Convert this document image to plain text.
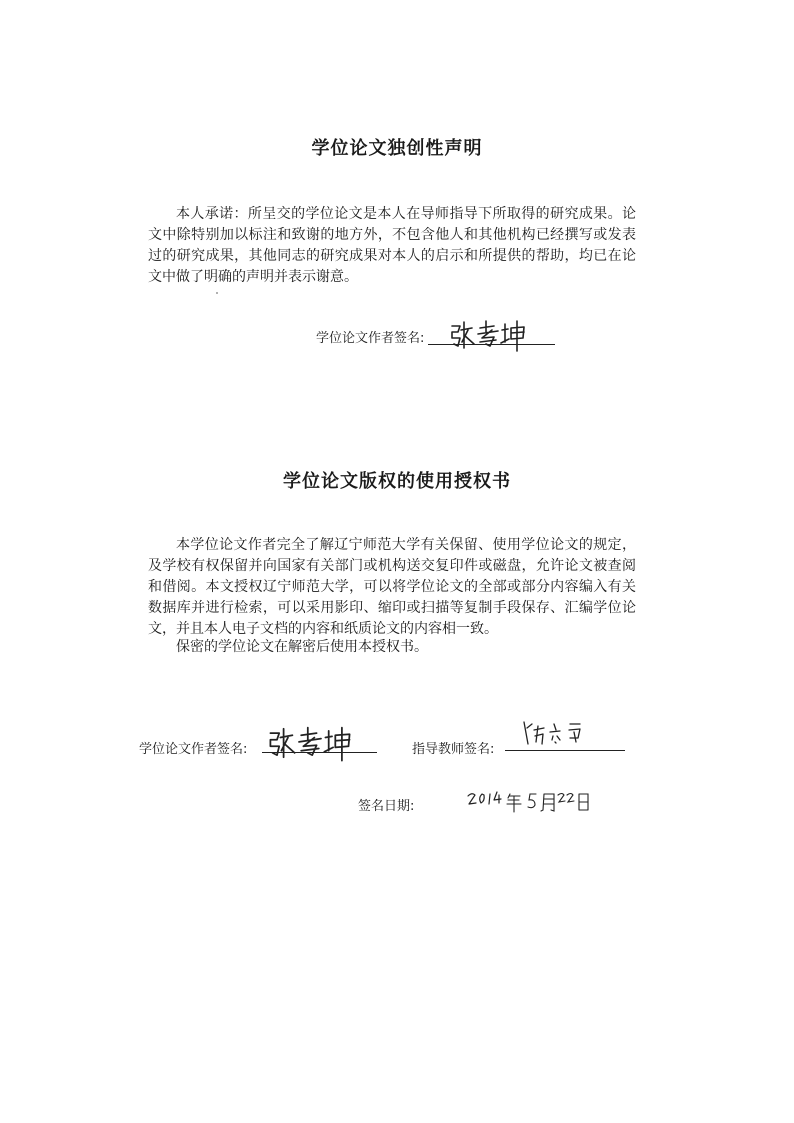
学位论文独创性声明

本人承诺：所呈交的学位论文是本人在导师指导下所取得的研究成果。论文中除特别加以标注和致谢的地方外，不包含他人和其他机构已经撰写或发表过的研究成果，其他同志的研究成果对本人的启示和所提供的帮助，均已在论文中做了明确的声明并表示谢意。

学位论文作者签名:
学位论文版权的使用授权书

本学位论文作者完全了解辽宁师范大学有关保留、使用学位论文的规定，及学校有权保留并向国家有关部门或机构送交复印件或磁盘，允许论文被查阅和借阅。本文授权辽宁师范大学，可以将学位论文的全部或部分内容编入有关数据库并进行检索，可以采用影印、缩印或扫描等复制手段保存、汇编学位论文，并且本人电子文档的内容和纸质论文的内容相一致。

保密的学位论文在解密后使用本授权书。

学位论文作者签名:	指导教师签名:
签名日期:
